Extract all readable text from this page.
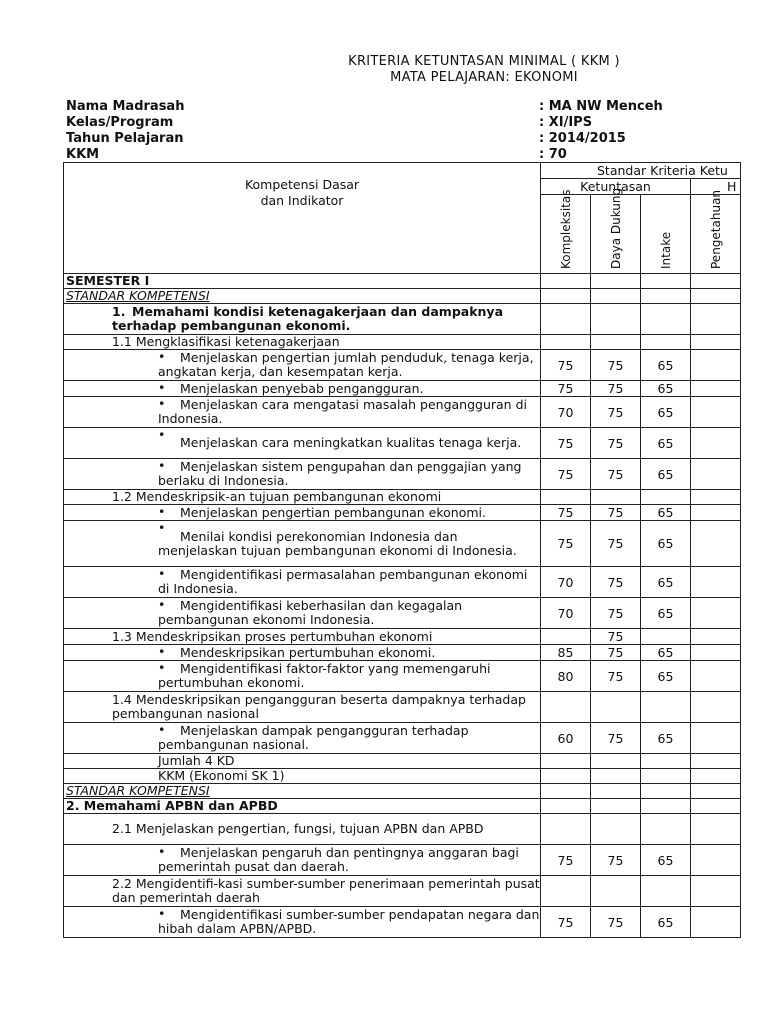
KRITERIA KETUNTASAN MINIMAL ( KKM )
MATA PELAJARAN: EKONOMI
Nama Madrasah	: MA NW Menceh
Kelas/Program	: XI/IPS
Tahun Pelajaran	: 2014/2015
KKM	: 70
Kompetensi Dasar
dan Indikator	Standar Kriteria Ketu			
	Ketuntasan			H

	Kompleksitas	Daya Dukung	Intake	Pengetahuan

SEMESTER I				
STANDAR KOMPETENSI				
1. Memahami kondisi ketenagakerjaan dan dampaknya terhadap pembangunan ekonomi.				
1.1 Mengklasifikasi ketenagakerjaan				

• Menjelaskan pengertian jumlah penduduk, tenaga kerja, angkatan kerja, dan kesempatan kerja.	75	75	65	

• Menjelaskan penyebab pengangguran.	75	75	65	

• Menjelaskan cara mengatasi masalah pengangguran di Indonesia.	70	75	65	

•
Menjelaskan cara meningkatkan kualitas tenaga kerja.	75	75	65	

• Menjelaskan sistem pengupahan dan penggajian yang berlaku di Indonesia.	75	75	65	
1.2 Mendeskripsik-an tujuan pembangunan ekonomi				

• Menjelaskan pengertian pembangunan ekonomi.	75	75	65	

•
Menilai kondisi perekonomian Indonesia dan menjelaskan tujuan pembangunan ekonomi di Indonesia.	75	75	65	

• Mengidentifikasi permasalahan pembangunan ekonomi di Indonesia.	70	75	65	

• Mengidentifikasi keberhasilan dan kegagalan pembangunan ekonomi Indonesia.	70	75	65	
1.3 Mendeskripsikan proses pertumbuhan ekonomi		75		

• Mendeskripsikan pertumbuhan ekonomi.	85	75	65	

• Mengidentifikasi faktor-faktor yang memengaruhi pertumbuhan ekonomi.	80	75	65	
1.4 Mendeskripsikan pengangguran beserta dampaknya terhadap pembangunan nasional				

• Menjelaskan dampak pengangguran terhadap pembangunan nasional.	60	75	65	
Jumlah 4 KD				
KKM (Ekonomi SK 1)				
STANDAR KOMPETENSI				
2. Memahami APBN dan APBD				
2.1 Menjelaskan pengertian, fungsi, tujuan APBN dan APBD				

• Menjelaskan pengaruh dan pentingnya anggaran bagi pemerintah pusat dan daerah.	75	75	65	
2.2 Mengidentifi-kasi sumber-sumber penerimaan pemerintah pusat dan pemerintah daerah				

• Mengidentifikasi sumber-sumber pendapatan negara dan hibah dalam APBN/APBD.	75	75	65	
